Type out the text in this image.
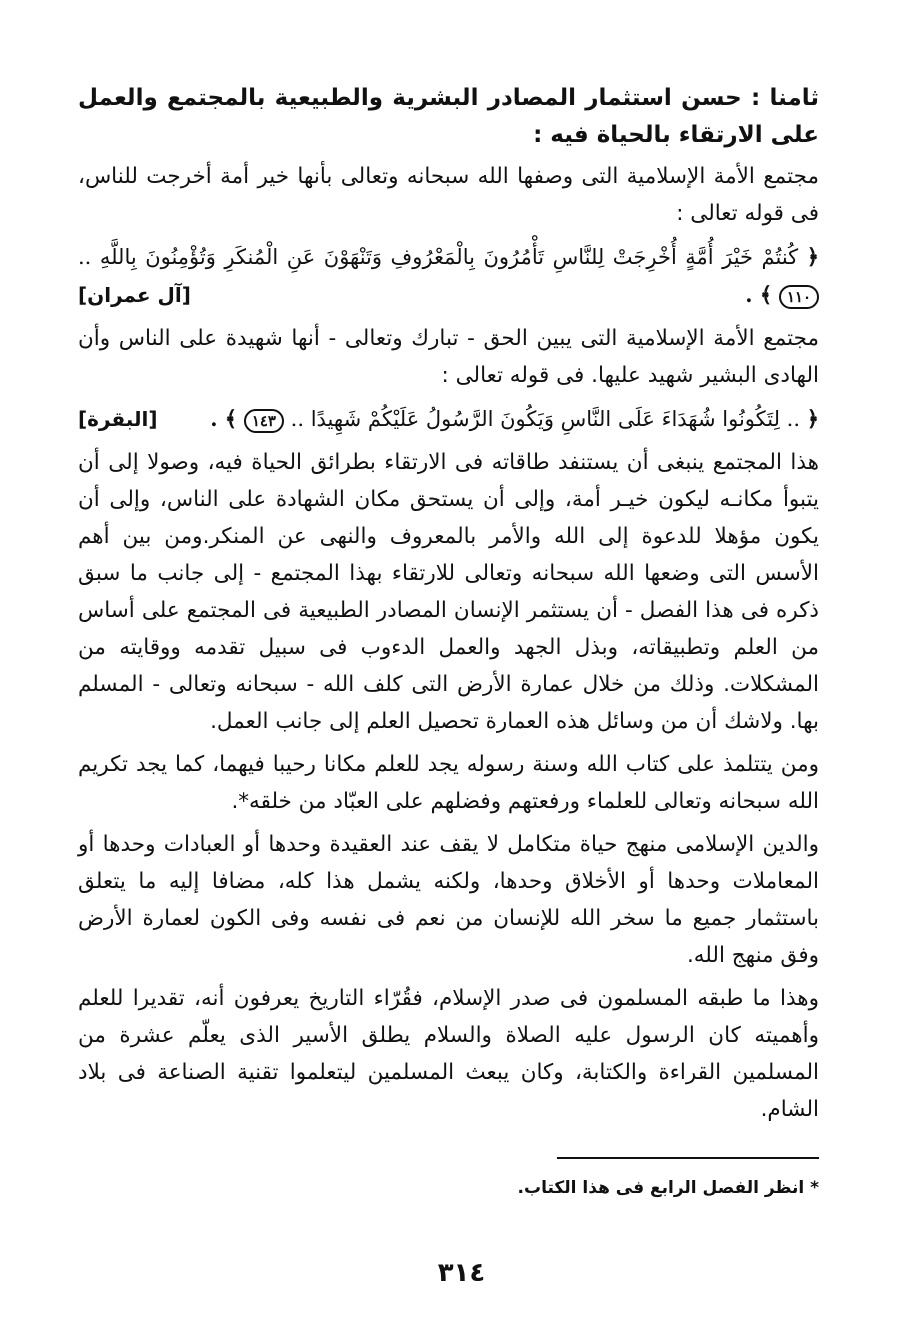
ثامنا : حسن استثمار المصادر البشرية والطبيعية بالمجتمع والعمل على الارتقاء بالحياة فيه :

مجتمع الأمة الإسلامية التى وصفها الله سبحانه وتعالى بأنها خير أمة أخرجت للناس، فى قوله تعالى :

﴿ كُنتُمْ خَيْرَ أُمَّةٍ أُخْرِجَتْ لِلنَّاسِ تَأْمُرُونَ بِالْمَعْرُوفِ وَتَنْهَوْنَ عَنِ الْمُنكَرِ وَتُؤْمِنُونَ بِاللَّهِ .. ١١٠ ﴾ .
[آل عمران]

مجتمع الأمة الإسلامية التى يبين الحق - تبارك وتعالى - أنها شهيدة على الناس وأن الهادى البشير شهيد عليها. فى قوله تعالى :

﴿ .. لِتَكُونُوا شُهَدَاءَ عَلَى النَّاسِ وَيَكُونَ الرَّسُولُ عَلَيْكُمْ شَهِيدًا .. ١٤٣ ﴾ .
[البقرة]

هذا المجتمع ينبغى أن يستنفد طاقاته فى الارتقاء بطرائق الحياة فيه، وصولا إلى أن يتبوأ مكانـه ليكون خيـر أمة، وإلى أن يستحق مكان الشهادة على الناس، وإلى أن يكون مؤهلا للدعوة إلى الله والأمر بالمعروف والنهى عن المنكر.ومن بين أهم الأسس التى وضعها الله سبحانه وتعالى للارتقاء بهذا المجتمع - إلى جانب ما سبق ذكره فى هذا الفصل - أن يستثمر الإنسان المصادر الطبيعية فى المجتمع على أساس من العلم وتطبيقاته، وبذل الجهد والعمل الدءوب فى سبيل تقدمه ووقايته من المشكلات. وذلك من خلال عمارة الأرض التى كلف الله - سبحانه وتعالى - المسلم بها. ولاشك أن من وسائل هذه العمارة تحصيل العلم إلى جانب العمل.

ومن يتتلمذ على كتاب الله وسنة رسوله يجد للعلم مكانا رحيبا فيهما، كما يجد تكريم الله سبحانه وتعالى للعلماء ورفعتهم وفضلهم على العبّاد من خلقه*.

والدين الإسلامى منهج حياة متكامل لا يقف عند العقيدة وحدها أو العبادات وحدها أو المعاملات وحدها أو الأخلاق وحدها، ولكنه يشمل هذا كله، مضافا إليه ما يتعلق باستثمار جميع ما سخر الله للإنسان من نعم فى نفسه وفى الكون لعمارة الأرض وفق منهج الله.

وهذا ما طبقه المسلمون فى صدر الإسلام، فقُرّاء التاريخ يعرفون أنه، تقديرا للعلم وأهميته كان الرسول عليه الصلاة والسلام يطلق الأسير الذى يعلّم عشرة من المسلمين القراءة والكتابة، وكان يبعث المسلمين ليتعلموا تقنية الصناعة فى بلاد الشام.

* انظر الفصل الرابع فى هذا الكتاب.
٣١٤
